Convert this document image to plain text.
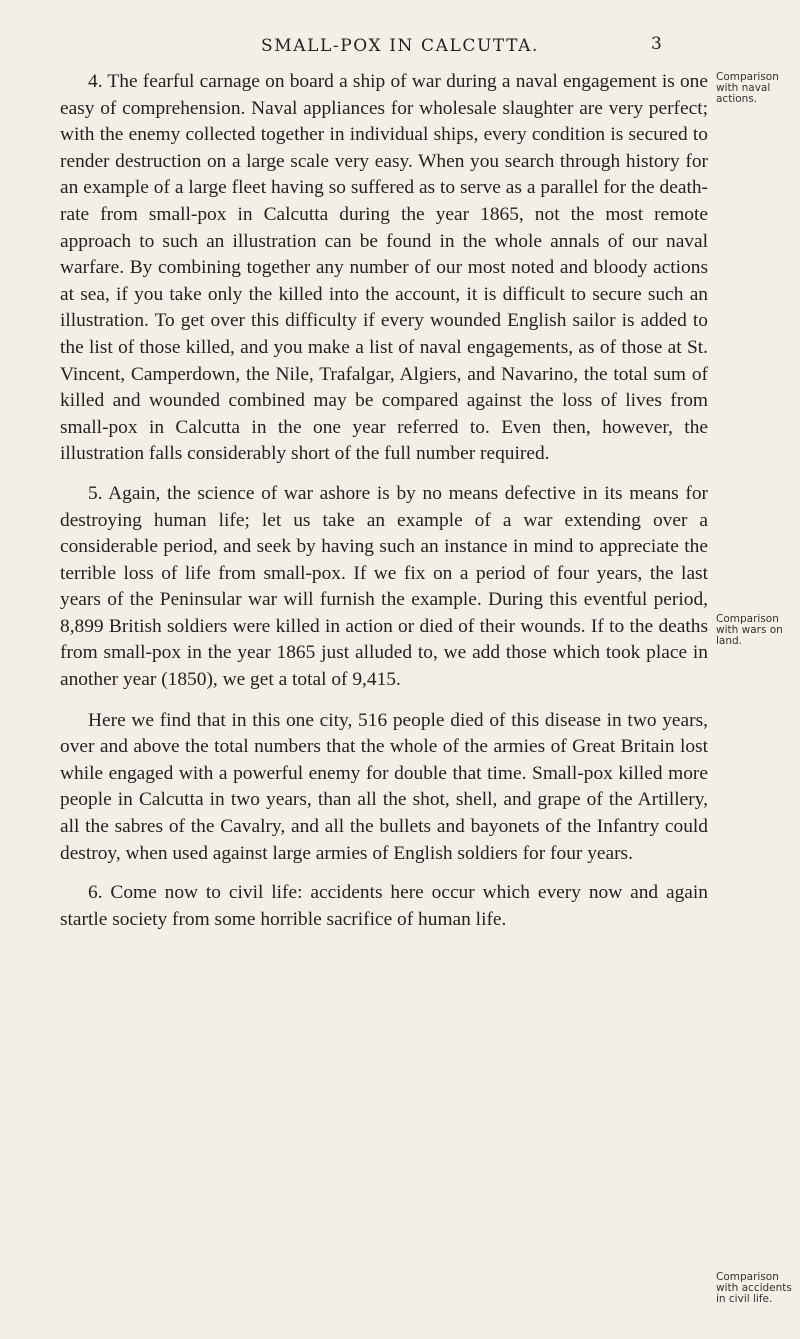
SMALL-POX IN CALCUTTA.	3

4. The fearful carnage on board a ship of war during a naval engagement is one easy of comprehension. Naval appliances for wholesale slaughter are very perfect; with the enemy collected together in individual ships, every condition is secured to render destruction on a large scale very easy. When you search through history for an example of a large fleet having so suffered as to serve as a parallel for the death-rate from small-pox in Calcutta during the year 1865, not the most remote approach to such an illustration can be found in the whole annals of our naval warfare. By combining together any number of our most noted and bloody actions at sea, if you take only the killed into the account, it is difficult to secure such an illustration. To get over this difficulty if every wounded English sailor is added to the list of those killed, and you make a list of naval engagements, as of those at St. Vincent, Camperdown, the Nile, Trafalgar, Algiers, and Navarino, the total sum of killed and wounded combined may be compared against the loss of lives from small-pox in Calcutta in the one year referred to. Even then, however, the illustration falls considerably short of the full number required.

5. Again, the science of war ashore is by no means defective in its means for destroying human life; let us take an example of a war extending over a considerable period, and seek by having such an instance in mind to appreciate the terrible loss of life from small-pox. If we fix on a period of four years, the last years of the Peninsular war will furnish the example. During this eventful period, 8,899 British soldiers were killed in action or died of their wounds. If to the deaths from small-pox in the year 1865 just alluded to, we add those which took place in another year (1850), we get a total of 9,415.

Here we find that in this one city, 516 people died of this disease in two years, over and above the total numbers that the whole of the armies of Great Britain lost while engaged with a powerful enemy for double that time. Small-pox killed more people in Calcutta in two years, than all the shot, shell, and grape of the Artillery, all the sabres of the Cavalry, and all the bullets and bayonets of the Infantry could destroy, when used against large armies of English soldiers for four years.

6. Come now to civil life: accidents here occur which every now and again startle society from some horrible sacrifice of human life.

Comparison with naval actions.
Comparison with wars on land.
Comparison with accidents in civil life.
